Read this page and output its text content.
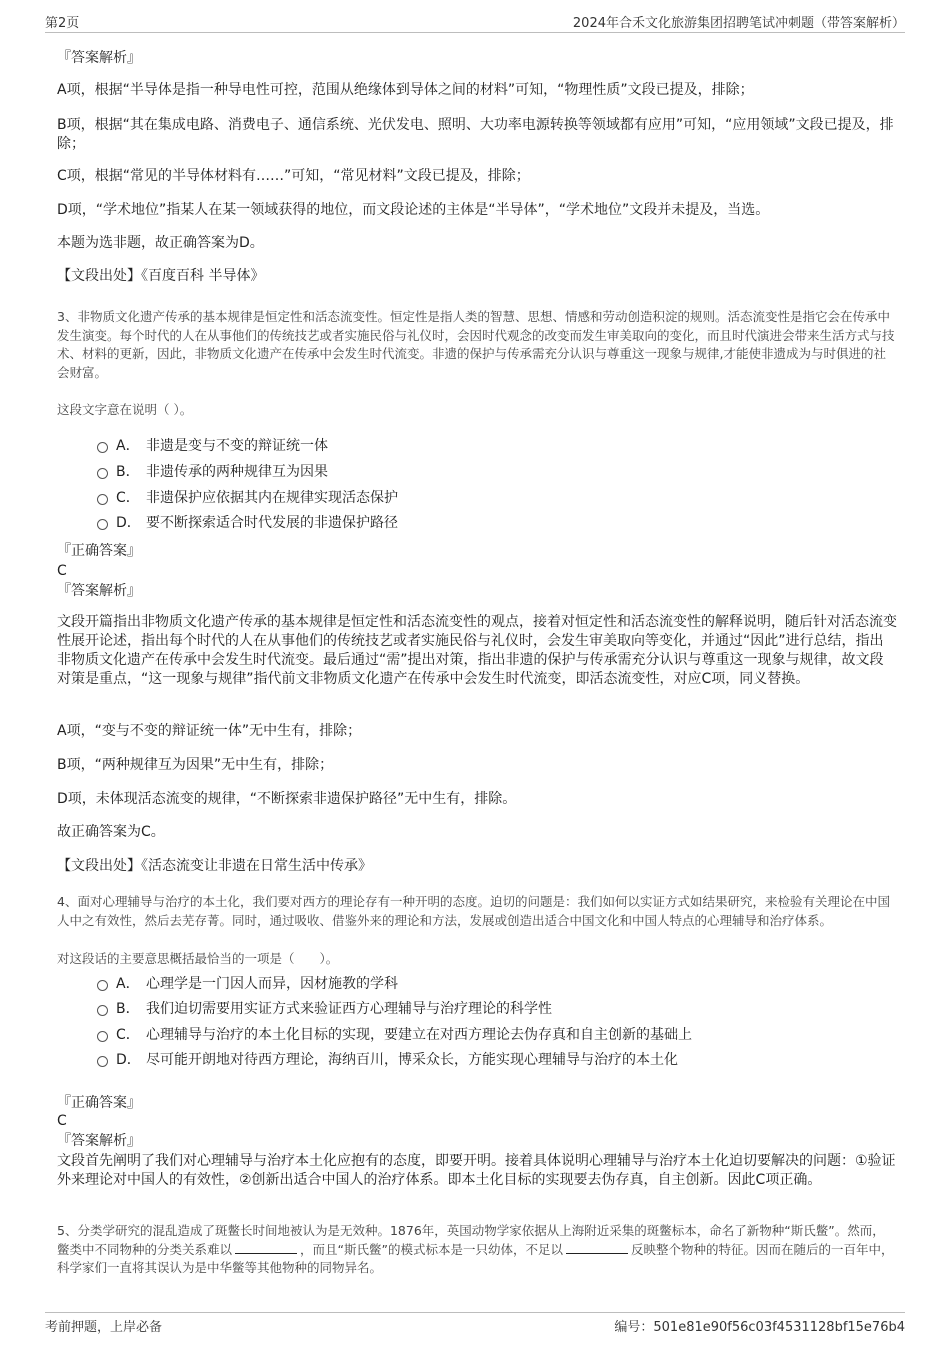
第2页	2024年合禾文化旅游集团招聘笔试冲刺题（带答案解析）

『答案解析』

A项，根据“半导体是指一种导电性可控，范围从绝缘体到导体之间的材料”可知，“物理性质”文段已提及，排除；

B项，根据“其在集成电路、消费电子、通信系统、光伏发电、照明、大功率电源转换等领域都有应用”可知，“应用领域”文段已提及，排除；

C项，根据“常见的半导体材料有……”可知，“常见材料”文段已提及，排除；

D项，“学术地位”指某人在某一领域获得的地位，而文段论述的主体是“半导体”，“学术地位”文段并未提及，当选。

本题为选非题，故正确答案为D。

【文段出处】《百度百科 半导体》

3、非物质文化遗产传承的基本规律是恒定性和活态流变性。恒定性是指人类的智慧、思想、情感和劳动创造积淀的规则。活态流变性是指它会在传承中发生演变。每个时代的人在从事他们的传统技艺或者实施民俗与礼仪时，会因时代观念的改变而发生审美取向的变化，而且时代演进会带来生活方式与技术、材料的更新，因此，非物质文化遗产在传承中会发生时代流变。非遗的保护与传承需充分认识与尊重这一现象与规律,才能使非遗成为与时俱进的社会财富。

这段文字意在说明（ ）。

A． 非遗是变与不变的辩证统一体
B． 非遗传承的两种规律互为因果
C． 非遗保护应依据其内在规律实现活态保护
D． 要不断探索适合时代发展的非遗保护路径

『正确答案』

C

『答案解析』

文段开篇指出非物质文化遗产传承的基本规律是恒定性和活态流变性的观点，接着对恒定性和活态流变性的解释说明，随后针对活态流变性展开论述，指出每个时代的人在从事他们的传统技艺或者实施民俗与礼仪时，会发生审美取向等变化，并通过“因此”进行总结，指出非物质文化遗产在传承中会发生时代流变。最后通过“需”提出对策，指出非遗的保护与传承需充分认识与尊重这一现象与规律，故文段对策是重点，“这一现象与规律”指代前文非物质文化遗产在传承中会发生时代流变，即活态流变性，对应C项，同义替换。

A项，“变与不变的辩证统一体”无中生有，排除；

B项，“两种规律互为因果”无中生有，排除；

D项，未体现活态流变的规律，“不断探索非遗保护路径”无中生有，排除。

故正确答案为C。

【文段出处】《活态流变让非遗在日常生活中传承》

4、面对心理辅导与治疗的本土化，我们要对西方的理论存有一种开明的态度。迫切的问题是：我们如何以实证方式如结果研究，来检验有关理论在中国人中之有效性，然后去芜存菁。同时，通过吸收、借鉴外来的理论和方法，发展或创造出适合中国文化和中国人特点的心理辅导和治疗体系。

对这段话的主要意思概括最恰当的一项是（　　）。

A． 心理学是一门因人而异，因材施教的学科
B． 我们迫切需要用实证方式来验证西方心理辅导与治疗理论的科学性
C． 心理辅导与治疗的本土化目标的实现，要建立在对西方理论去伪存真和自主创新的基础上
D． 尽可能开朗地对待西方理论，海纳百川，博采众长，方能实现心理辅导与治疗的本土化

『正确答案』

C

『答案解析』

文段首先阐明了我们对心理辅导与治疗本土化应抱有的态度，即要开明。接着具体说明心理辅导与治疗本土化迫切要解决的问题：①验证外来理论对中国人的有效性，②创新出适合中国人的治疗体系。即本土化目标的实现要去伪存真，自主创新。因此C项正确。

5、分类学研究的混乱造成了斑鳖长时间地被认为是无效种。1876年，英国动物学家依据从上海附近采集的斑鳖标本，命名了新物种“斯氏鳖”。然而，鳖类中不同物种的分类关系难以	，而且“斯氏鳖”的模式标本是一只幼体，不足以	反映整个物种的特征。因而在随后的一百年中，科学家们一直将其误认为是中华鳖等其他物种的同物异名。

考前押题，上岸必备	编号：501e81e90f56c03f4531128bf15e76b4
